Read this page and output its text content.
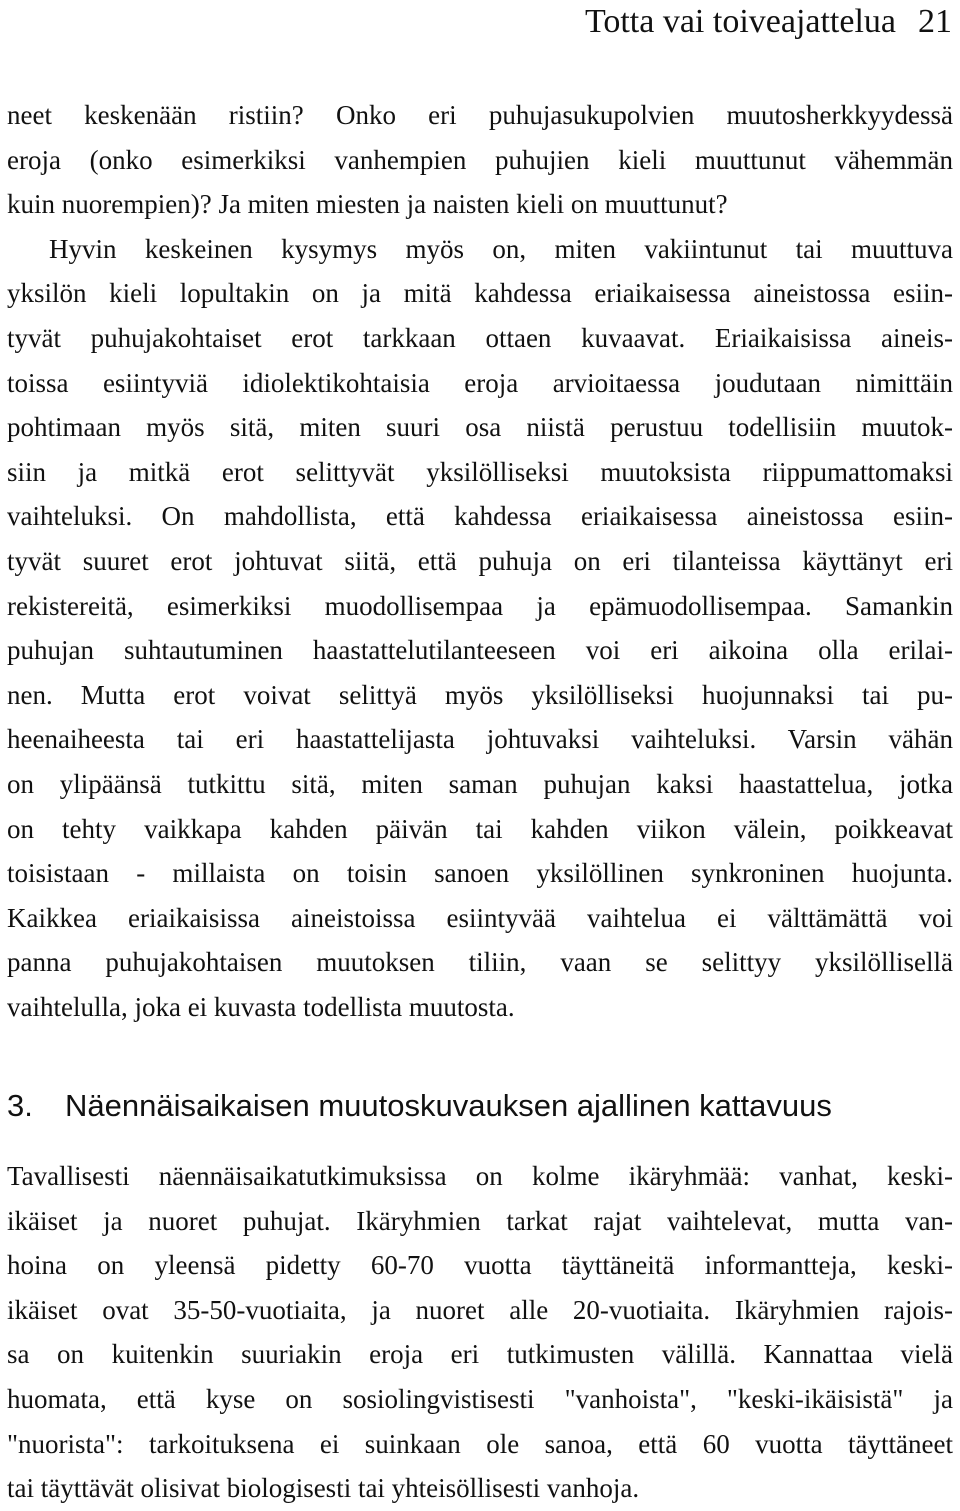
Totta vai toiveajattelua 21
neet keskenään ristiin? Onko eri puhujasukupolvien muutosherkkyydessä
eroja (onko esimerkiksi vanhempien puhujien kieli muuttunut vähemmän
kuin nuorempien)? Ja miten miesten ja naisten kieli on muuttunut?
Hyvin keskeinen kysymys myös on, miten vakiintunut tai muuttuva
yksilön kieli lopultakin on ja mitä kahdessa eriaikaisessa aineistossa esiin-
tyvät puhujakohtaiset erot tarkkaan ottaen kuvaavat. Eriaikaisissa aineis-
toissa esiintyviä idiolektikohtaisia eroja arvioitaessa joudutaan nimittäin
pohtimaan myös sitä, miten suuri osa niistä perustuu todellisiin muutok-
siin ja mitkä erot selittyvät yksilölliseksi muutoksista riippumattomaksi
vaihteluksi. On mahdollista, että kahdessa eriaikaisessa aineistossa esiin-
tyvät suuret erot johtuvat siitä, että puhuja on eri tilanteissa käyttänyt eri
rekistereitä, esimerkiksi muodollisempaa ja epämuodollisempaa. Samankin
puhujan suhtautuminen haastattelutilanteeseen voi eri aikoina olla erilai-
nen. Mutta erot voivat selittyä myös yksilölliseksi huojunnaksi tai pu-
heenaiheesta tai eri haastattelijasta johtuvaksi vaihteluksi. Varsin vähän
on ylipäänsä tutkittu sitä, miten saman puhujan kaksi haastattelua, jotka
on tehty vaikkapa kahden päivän tai kahden viikon välein, poikkeavat
toisistaan - millaista on toisin sanoen yksilöllinen synkroninen huojunta.
Kaikkea eriaikaisissa aineistoissa esiintyvää vaihtelua ei välttämättä voi
panna puhujakohtaisen muutoksen tiliin, vaan se selittyy yksilöllisellä
vaihtelulla, joka ei kuvasta todellista muutosta.
3. Näennäisaikaisen muutoskuvauksen ajallinen kattavuus
Tavallisesti näennäisaikatutkimuksissa on kolme ikäryhmää: vanhat, keski-
ikäiset ja nuoret puhujat. Ikäryhmien tarkat rajat vaihtelevat, mutta van-
hoina on yleensä pidetty 60-70 vuotta täyttäneitä informantteja, keski-
ikäiset ovat 35-50-vuotiaita, ja nuoret alle 20-vuotiaita. Ikäryhmien rajois-
sa on kuitenkin suuriakin eroja eri tutkimusten välillä. Kannattaa vielä
huomata, että kyse on sosiolingvistisesti "vanhoista", "keski-ikäisistä" ja
"nuorista": tarkoituksena ei suinkaan ole sanoa, että 60 vuotta täyttäneet
tai täyttävät olisivat biologisesti tai yhteisöllisesti vanhoja.
